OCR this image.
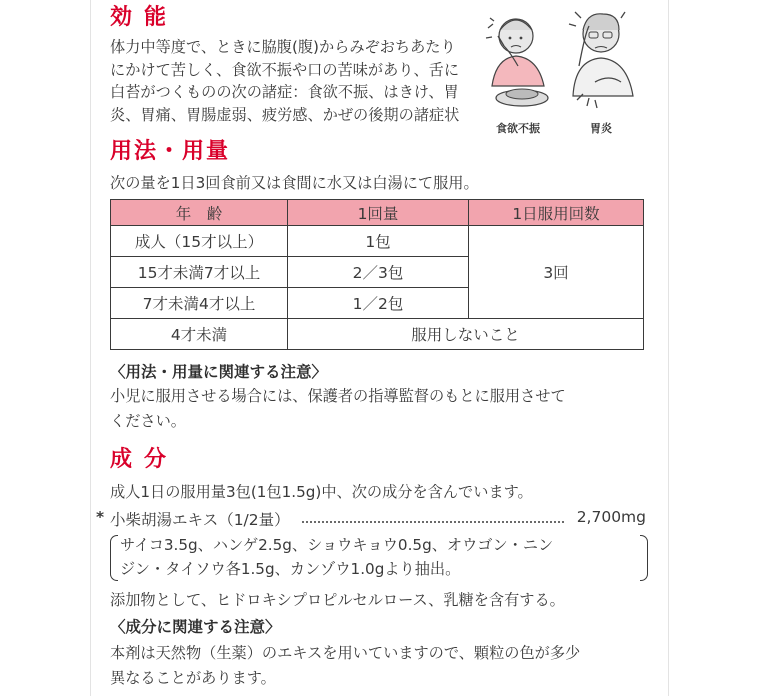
効能
体力中等度で、ときに脇腹(腹)からみぞおちあたり
にかけて苦しく、食欲不振や口の苦味があり、舌に
白苔がつくものの次の諸症：食欲不振、はきけ、胃
炎、胃痛、胃腸虚弱、疲労感、かぜの後期の諸症状
食欲不振	胃炎
用法・用量
次の量を1日3回食前又は食間に水又は白湯にて服用。
年　齢	1回量	1日服用回数
成人（15才以上）	1包	3回
15才未満7才以上	2／3包	
7才未満4才以上	1／2包	
4才未満	服用しないこと	
〈用法・用量に関連する注意〉
小児に服用させる場合には、保護者の指導監督のもとに服用させて
ください。
成分
成人1日の服用量3包(1包1.5g)中、次の成分を含んでいます。
* 小柴胡湯エキス（1/2量）	2,700mg
サイコ3.5g、ハンゲ2.5g、ショウキョウ0.5g、オウゴン・ニン
ジン・タイソウ各1.5g、カンゾウ1.0gより抽出。
添加物として、ヒドロキシプロピルセルロース、乳糖を含有する。
〈成分に関連する注意〉
本剤は天然物（生薬）のエキスを用いていますので、顆粒の色が多少
異なることがあります。
